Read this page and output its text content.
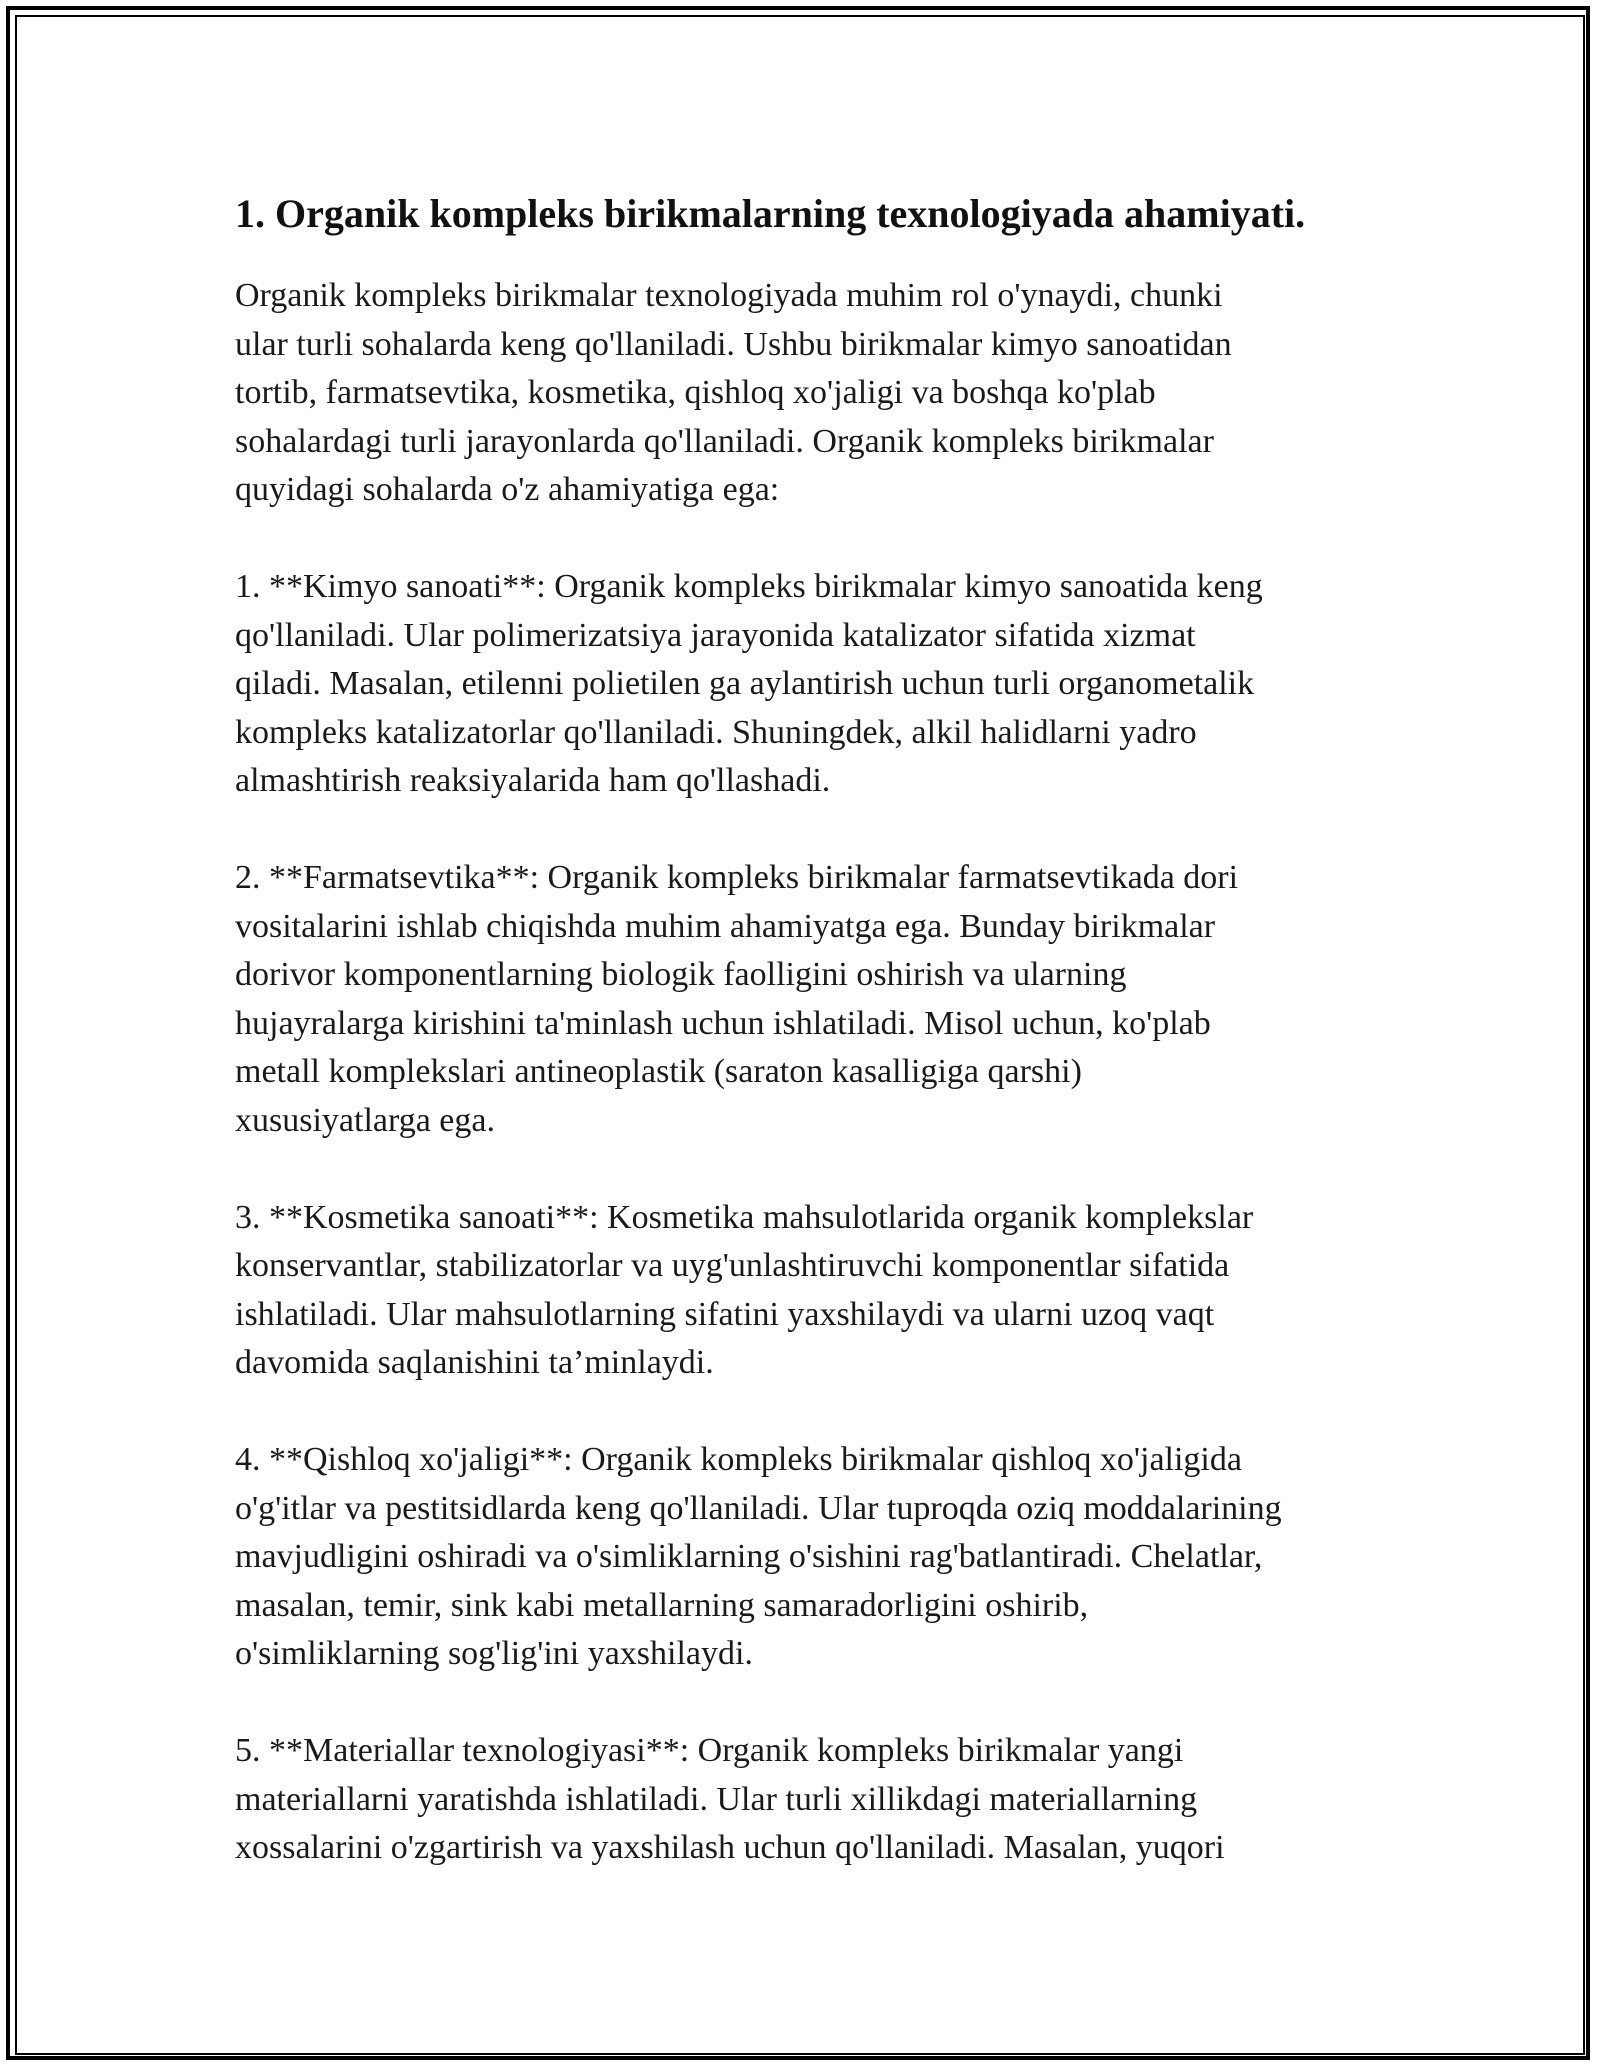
1. Organik kompleks birikmalarning texnologiyada ahamiyati.

Organik kompleks birikmalar texnologiyada muhim rol o'ynaydi, chunki
ular turli sohalarda keng qo'llaniladi. Ushbu birikmalar kimyo sanoatidan
tortib, farmatsevtika, kosmetika, qishloq xo'jaligi va boshqa ko'plab
sohalardagi turli jarayonlarda qo'llaniladi. Organik kompleks birikmalar
quyidagi sohalarda o'z ahamiyatiga ega:

1. **Kimyo sanoati**: Organik kompleks birikmalar kimyo sanoatida keng
qo'llaniladi. Ular polimerizatsiya jarayonida katalizator sifatida xizmat
qiladi. Masalan, etilenni polietilen ga aylantirish uchun turli organometalik
kompleks katalizatorlar qo'llaniladi. Shuningdek, alkil halidlarni yadro
almashtirish reaksiyalarida ham qo'llashadi.

2. **Farmatsevtika**: Organik kompleks birikmalar farmatsevtikada dori
vositalarini ishlab chiqishda muhim ahamiyatga ega. Bunday birikmalar
dorivor komponentlarning biologik faolligini oshirish va ularning
hujayralarga kirishini ta'minlash uchun ishlatiladi. Misol uchun, ko'plab
metall komplekslari antineoplastik (saraton kasalligiga qarshi)
xususiyatlarga ega.

3. **Kosmetika sanoati**: Kosmetika mahsulotlarida organik komplekslar
konservantlar, stabilizatorlar va uyg'unlashtiruvchi komponentlar sifatida
ishlatiladi. Ular mahsulotlarning sifatini yaxshilaydi va ularni uzoq vaqt
davomida saqlanishini ta’minlaydi.

4. **Qishloq xo'jaligi**: Organik kompleks birikmalar qishloq xo'jaligida
o'g'itlar va pestitsidlarda keng qo'llaniladi. Ular tuproqda oziq moddalarining
mavjudligini oshiradi va o'simliklarning o'sishini rag'batlantiradi. Chelatlar,
masalan, temir, sink kabi metallarning samaradorligini oshirib,
o'simliklarning sog'lig'ini yaxshilaydi.

5. **Materiallar texnologiyasi**: Organik kompleks birikmalar yangi
materiallarni yaratishda ishlatiladi. Ular turli xillikdagi materiallarning
xossalarini o'zgartirish va yaxshilash uchun qo'llaniladi. Masalan, yuqori
